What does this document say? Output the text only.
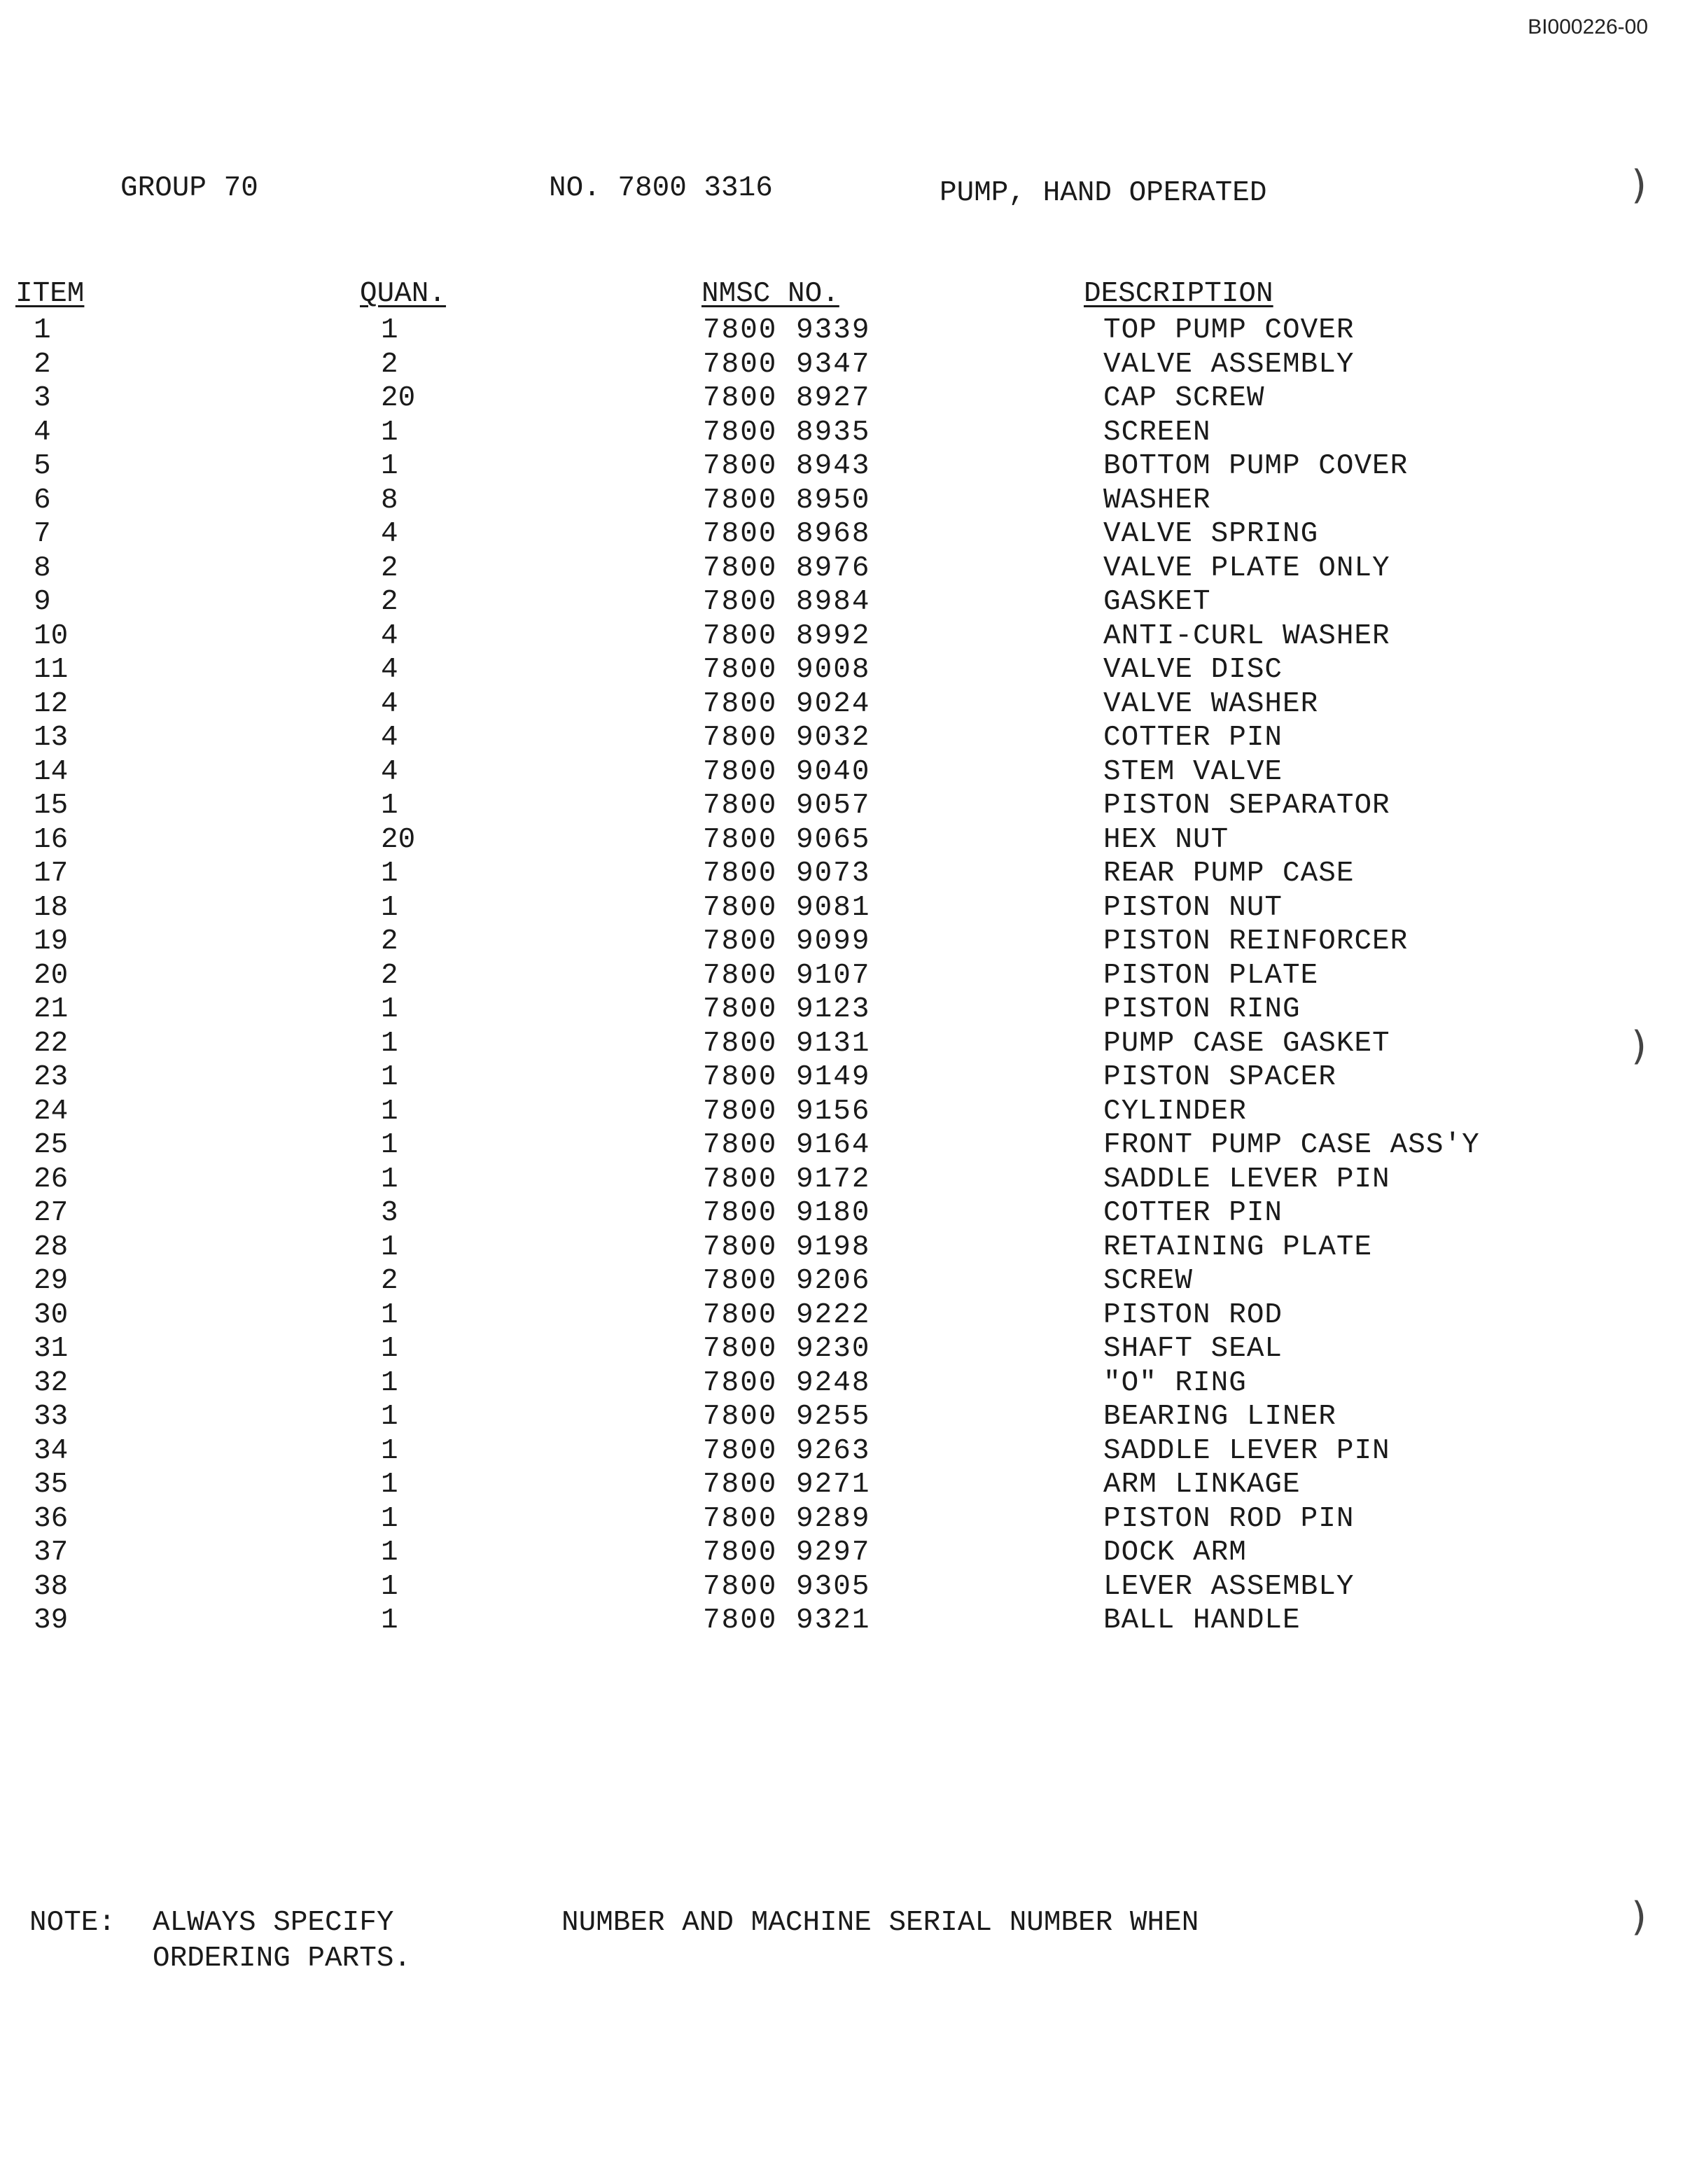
BI000226-00
GROUP 70	NO. 7800 3316	PUMP, HAND OPERATED	)
)
)
ITEM	QUAN.	NMSC NO.	DESCRIPTION
1	1	7800 9339	TOP PUMP COVER
2	2	7800 9347	VALVE ASSEMBLY
3	20	7800 8927	CAP SCREW
4	1	7800 8935	SCREEN
5	1	7800 8943	BOTTOM PUMP COVER
6	8	7800 8950	WASHER
7	4	7800 8968	VALVE SPRING
8	2	7800 8976	VALVE PLATE ONLY
9	2	7800 8984	GASKET
10	4	7800 8992	ANTI-CURL WASHER
11	4	7800 9008	VALVE DISC
12	4	7800 9024	VALVE WASHER
13	4	7800 9032	COTTER PIN
14	4	7800 9040	STEM VALVE
15	1	7800 9057	PISTON SEPARATOR
16	20	7800 9065	HEX NUT
17	1	7800 9073	REAR PUMP CASE
18	1	7800 9081	PISTON NUT
19	2	7800 9099	PISTON REINFORCER
20	2	7800 9107	PISTON PLATE
21	1	7800 9123	PISTON RING
22	1	7800 9131	PUMP CASE GASKET
23	1	7800 9149	PISTON SPACER
24	1	7800 9156	CYLINDER
25	1	7800 9164	FRONT PUMP CASE ASS'Y
26	1	7800 9172	SADDLE LEVER PIN
27	3	7800 9180	COTTER PIN
28	1	7800 9198	RETAINING PLATE
29	2	7800 9206	SCREW
30	1	7800 9222	PISTON ROD
31	1	7800 9230	SHAFT SEAL
32	1	7800 9248	"O" RING
33	1	7800 9255	BEARING LINER
34	1	7800 9263	SADDLE LEVER PIN
35	1	7800 9271	ARM LINKAGE
36	1	7800 9289	PISTON ROD PIN
37	1	7800 9297	DOCK ARM
38	1	7800 9305	LEVER ASSEMBLY
39	1	7800 9321	BALL HANDLE

NOTE:

ALWAYS SPECIFY

	NUMBER AND MACHINE SERIAL NUMBER WHEN

ORDERING PARTS.
